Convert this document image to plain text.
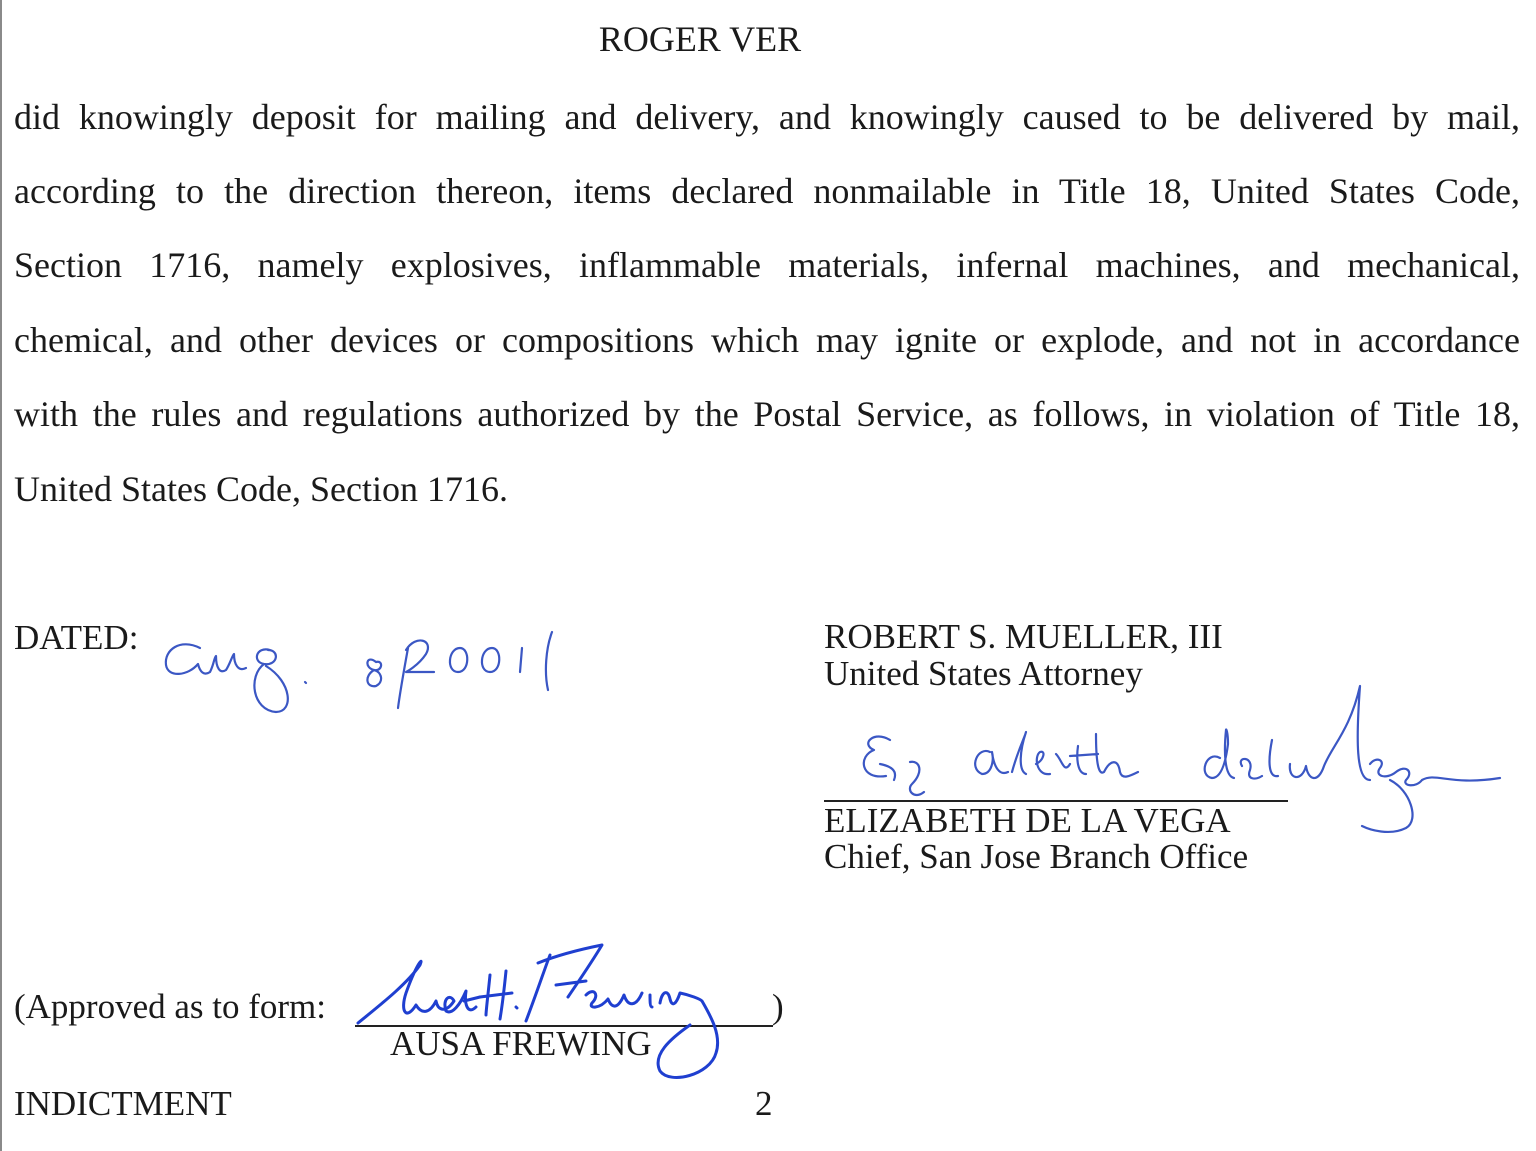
ROGER VER
did knowingly deposit for mailing and delivery, and knowingly caused to be delivered by mail,
according to the direction thereon, items declared nonmailable in Title 18, United States Code,
Section 1716, namely explosives, inflammable materials, infernal machines, and mechanical,
chemical, and other devices or compositions which may ignite or explode, and not in accordance
with the rules and regulations authorized by the Postal Service, as follows, in violation of Title 18,
United States Code, Section 1716.
DATED:	ROBERT S. MUELLER, III
United States Attorney
ELIZABETH DE LA VEGA
Chief, San Jose Branch Office
(Approved as to form:	)
AUSA FREWING
INDICTMENT	2
